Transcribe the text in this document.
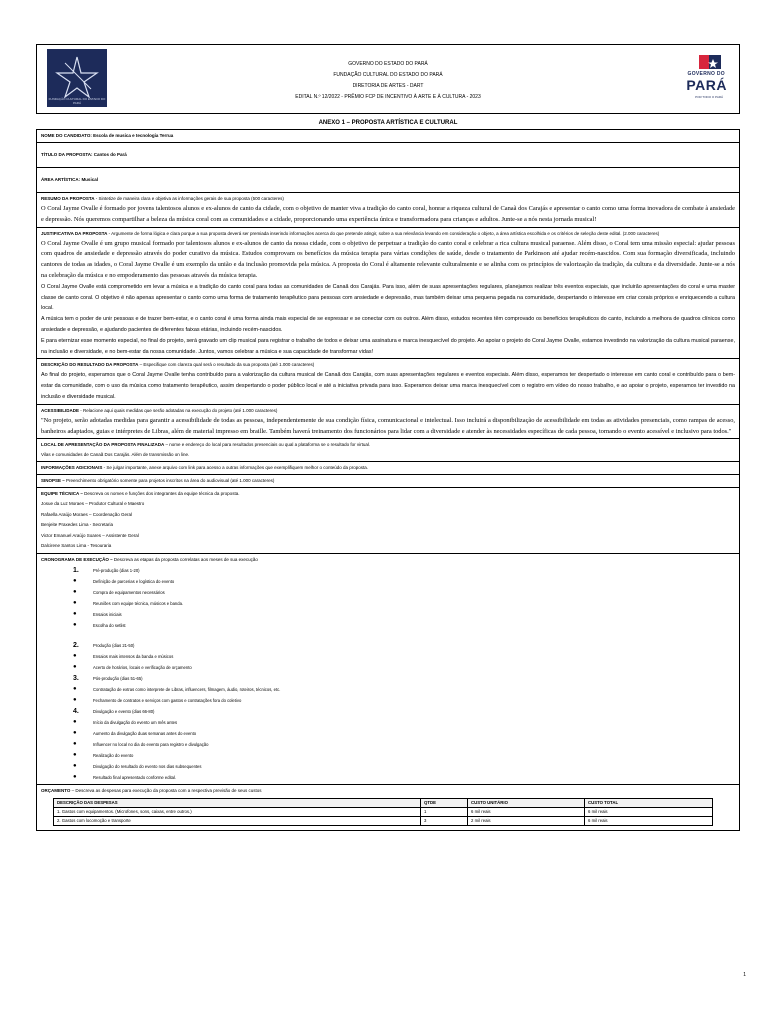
FUNDAÇÃO CULTURAL DO ESTADO DO PARÁ
GOVERNO DO ESTADO DO PARÁ
FUNDAÇÃO CULTURAL DO ESTADO DO PARÁ
DIRETORIA DE ARTES - DART
EDITAL N.º 12/2022 - PRÊMIO FCP DE INCENTIVO À ARTE E À CULTURA - 2023
GOVERNO DO
PARÁ
POR TODO O PARÁ
ANEXO 1 – PROPOSTA ARTÍSTICA E CULTURAL
NOME DO CANDIDATO: Escola de musica e tecnologia Terrua
TÍTULO DA PROPOSTA: Cantos do Pará
ÁREA ARTÍSTICA: Musical
RESUMO DA PROPOSTA - Sintetize de maneira clara e objetiva as informações gerais de sua proposta (500 caracteres)
O Coral Jayme Ovalle é formado por jovens talentosos alunos e ex-alunos de canto da cidade, com o objetivo de manter viva a tradição do canto coral, honrar a riqueza cultural de Canaã dos Carajás e apresentar o canto como uma forma inovadora de combate à ansiedade e depressão. Nós queremos compartilhar a beleza da música coral com as comunidades e a cidade, proporcionando uma experiência única e transformadora para crianças e adultos. Junte-se a nós nesta jornada musical!
JUSTIFICATIVA DA PROPOSTA - Argumente de forma lógica e clara porque a sua proposta deverá ser premiada inserindo informações acerca do que pretende atingir, sobre a sua relevância levando em consideração o objeto, a área artística escolhida e os critérios de seleção deste edital. (2.000 caracteres)
O Coral Jayme Ovalle é um grupo musical formado por talentosos alunos e ex-alunos de canto da nossa cidade, com o objetivo de perpetuar a tradição do canto coral e celebrar a rica cultura musical paraense. Além disso, o Coral tem uma missão especial: ajudar pessoas com quadros de ansiedade e depressão através do poder curativo da música. Estudos comprovam os benefícios da música terapia para várias condições de saúde, desde o tratamento de Parkinson até ajudar recém-nascidos. Com sua formação diversificada, incluindo cantores de todas as idades, o Coral Jayme Ovalle é um exemplo da união e da inclusão promovida pela música. A proposta do Coral é altamente relevante culturalmente e se alinha com os princípios de valorização da tradição, da cultura e da diversidade. Junte-se a nós na celebração da música e no empoderamento das pessoas através da música terapia.
O Coral Jayme Ovalle está comprometido em levar a música e a tradição do canto coral para todas as comunidades de Canaã dos Carajás. Para isso, além de suas apresentações regulares, planejamos realizar três eventos especiais, que incluirão apresentações do coral e uma master classe de canto coral. O objetivo é não apenas apresentar o canto como uma forma de tratamento terapêutico para pessoas com ansiedade e depressão, mas também deixar uma pequena pegada na comunidade, despertando o interesse em criar corais próprios e enriquecendo a cultura local.
A música tem o poder de unir pessoas e de trazer bem-estar, e o canto coral é uma forma ainda mais especial de se expressar e se conectar com os outros. Além disso, estudos recentes têm comprovado os benefícios terapêuticos do canto, incluindo a melhora de quadros clínicos como ansiedade e depressão, e ajudando pacientes de diferentes faixas etárias, incluindo recém-nascidos.
E para eternizar esse momento especial, no final do projeto, será gravado um clip musical para registrar o trabalho de todos e deixar uma assinatura e marca inesquecível do projeto. Ao apoiar o projeto do Coral Jayme Ovalle, estamos investindo na valorização da cultura musical paraense, na inclusão e diversidade, e no bem-estar da nossa comunidade. Juntos, vamos celebrar a música e sua capacidade de transformar vidas!
DESCRIÇÃO DO RESULTADO DA PROPOSTA – Especifique com clareza qual será o resultado da sua proposta (até 1.000 caracteres)
Ao final do projeto, esperamos que o Coral Jayme Ovalle tenha contribuído para a valorização da cultura musical de Canaã dos Carajás, com suas apresentações regulares e eventos especiais. Além disso, esperamos ter despertado o interesse em canto coral e contribuído para o bem-estar da comunidade, com o uso da música como tratamento terapêutico, assim despertando o poder público local e até a iniciativa privada para isso. Esperamos deixar uma marca inesquecível com o registro em vídeo do nosso trabalho, e ao apoiar o projeto, esperamos ter investido na inclusão e diversidade musical.
ACESSIBILIDADE - Relacione aqui quais medidas que serão adotadas na execução do projeto (até 1.000 caracteres)
"No projeto, serão adotadas medidas para garantir a acessibilidade de todas as pessoas, independentemente de sua condição física, comunicacional e intelectual. Isso incluirá a disponibilização de acessibilidade em todas as atividades presenciais, como rampas de acesso, banheiros adaptados, guias e intérpretes de Libras, além de material impresso em braille. Também haverá treinamento dos funcionários para lidar com a diversidade e atender às necessidades específicas de cada pessoa, tornando o evento acessível e inclusivo para todos."
LOCAL DE APRESENTAÇÃO DA PROPOSTA FINALIZADA – nome e endereço do local para resultados presenciais ou qual a plataforma se o resultado for virtual.
Vilas e comunidades de Canaã Dos Carajás. Além de transmissão on line.
INFORMAÇÕES ADICIONAIS - Se julgar importante, anexe arquivo com link para acesso a outras informações que exemplifiquem melhor o conteúdo da proposta.
SINOPSE – Preenchimento obrigatório somente para projetos inscritos na área do audiovisual (até 1.000 caracteres)
EQUIPE TÉCNICA – Descreva os nomes e funções dos integrantes da equipe técnica da proposta.
Josue da Luz Moraes – Produtor Cultural e Maestro
Rafaella Araújo Moraes – Coordenação Geral
Benjeite Praxedes Lima - Secretaria
Victor Emanuel Araújo Soares – Assistente Geral
Dalcirene Santos Lima - Tesouraria
CRONOGRAMA DE EXECUÇÃO – Descreva as etapas da proposta correlatas aos meses de sua execução
1.	Pré-produção (dias 1-20)
●	Definição de parcerias e logística do evento
●	Compra de equipamentos necessários
●	Reuniões com equipe técnica, músicos e banda.
●	Ensaios iniciais
●	Escolha do setlist
2.	Produção (dias 21-50)
●	Ensaios mais intensos da banda e músicos
●	Acerto de horários, locais e verificação de orçamento
3.	Pós-produção (dias 51-65)
●	Contratação de extras como interprete de Libras, influencers, filmagem, áudio, roteiros, técnicos, etc.
●	Fechamento de contratos e serviços com gastos e contratações fora do coletivo
4.	Divulgação e evento (dias 66-80)
●	Início da divulgação do evento um mês antes
●	Aumento da divulgação duas semanas antes do evento
●	Influencer no local no dia do evento para registro e divulgação
●	Realização do evento
●	Divulgação do resultado do evento nos dias subsequentes
●	Resultado final apresentado conforme edital.
ORÇAMENTO – Descreva as despesas para execução da proposta com a respectiva previsão de seus custos
DESCRIÇÃO DAS DESPESAS	QTDE	CUSTO UNITÁRIO	CUSTO TOTAL
1. Gastos com equipamentos. (Microfones, sons, caixas, entre outros.)	1	6 mil reais	6 mil reais
2. Gastos com locomoção e transporte	3	2 mil reais	6 mil reais
1
